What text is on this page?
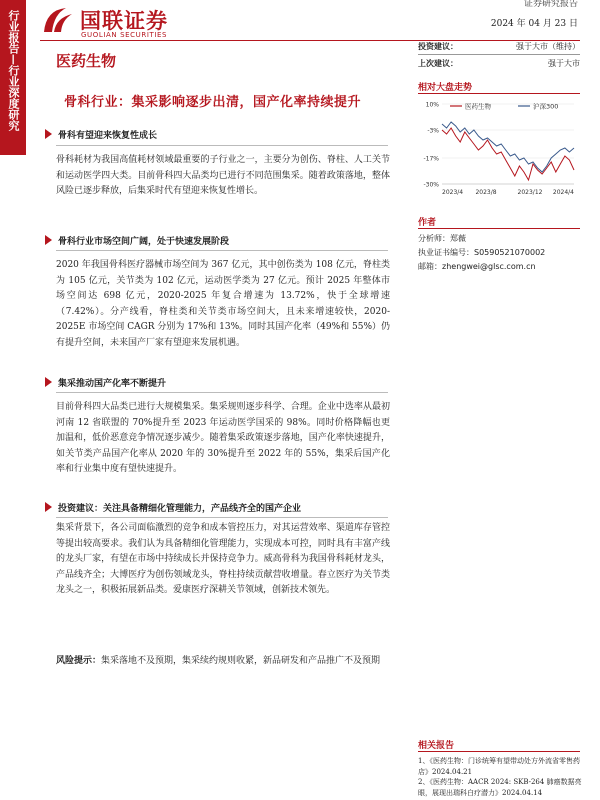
行业报告—行业深度研究	国联证券
GUOLIAN SECURITIES
证券研究报告
2024 年 04 月 23 日
医药生物
骨科行业：集采影响逐步出清，国产化率持续提升
投资建议：	强于大市（维持）
上次建议：	强于大市
相对大盘走势
10%
-3%
-17%
-30%
2023/4 2023/8	2023/12 2024/4
医药生物	沪深300
作者
分析师：郑薇
执业证书编号：S0590521070002
邮箱：zhengwei@glsc.com.cn
骨科有望迎来恢复性成长
骨科耗材为我国高值耗材领域最重要的子行业之一，主要分为创伤、脊柱、人工关节和运动医学四大类。目前骨科四大品类均已进行不同范围集采。随着政策落地，整体风险已逐步释放，后集采时代有望迎来恢复性增长。
骨科行业市场空间广阔，处于快速发展阶段
2020 年我国骨科医疗器械市场空间为 367 亿元，其中创伤类为 108 亿元，脊柱类为 105 亿元，关节类为 102 亿元，运动医学类为 27 亿元。预计 2025 年整体市场空间达 698 亿元，2020-2025 年复合增速为 13.72%，快于全球增速（7.42%）。分产线看，脊柱类和关节类市场空间大，且未来增速较快，2020-2025E 市场空间 CAGR 分别为 17%和 13%。同时其国产化率（49%和 55%）仍有提升空间，未来国产厂家有望迎来发展机遇。
集采推动国产化率不断提升
目前骨科四大品类已进行大规模集采。集采规则逐步科学、合理。企业中选率从最初河南 12 省联盟的 70%提升至 2023 年运动医学国采的 98%。同时价格降幅也更加温和，低价恶意竞争情况逐步减少。随着集采政策逐步落地，国产化率快速提升，如关节类产品国产化率从 2020 年的 30%提升至 2022 年的 55%，集采后国产化率和行业集中度有望快速提升。
投资建议：关注具备精细化管理能力，产品线齐全的国产企业
集采背景下，各公司面临激烈的竞争和成本管控压力，对其运营效率、渠道库存管控等提出较高要求。我们认为具备精细化管理能力，实现成本可控，同时具有丰富产线的龙头厂家，有望在市场中持续成长并保持竞争力。威高骨科为我国骨科耗材龙头，产品线齐全；大博医疗为创伤领域龙头，脊柱持续贡献营收增量。春立医疗为关节类龙头之一，积极拓展新品类。爱康医疗深耕关节领域，创新技术领先。
风险提示：集采落地不及预期，集采续约规则收紧，新品研发和产品推广不及预期
相关报告
1、《医药生物：门诊统筹有望带动处方外流省零售药店》2024.04.21
2、《医药生物：AACR 2024: SKB-264 肺癌数据亮眼，展现出瑞科白疗潜力》2024.04.14
